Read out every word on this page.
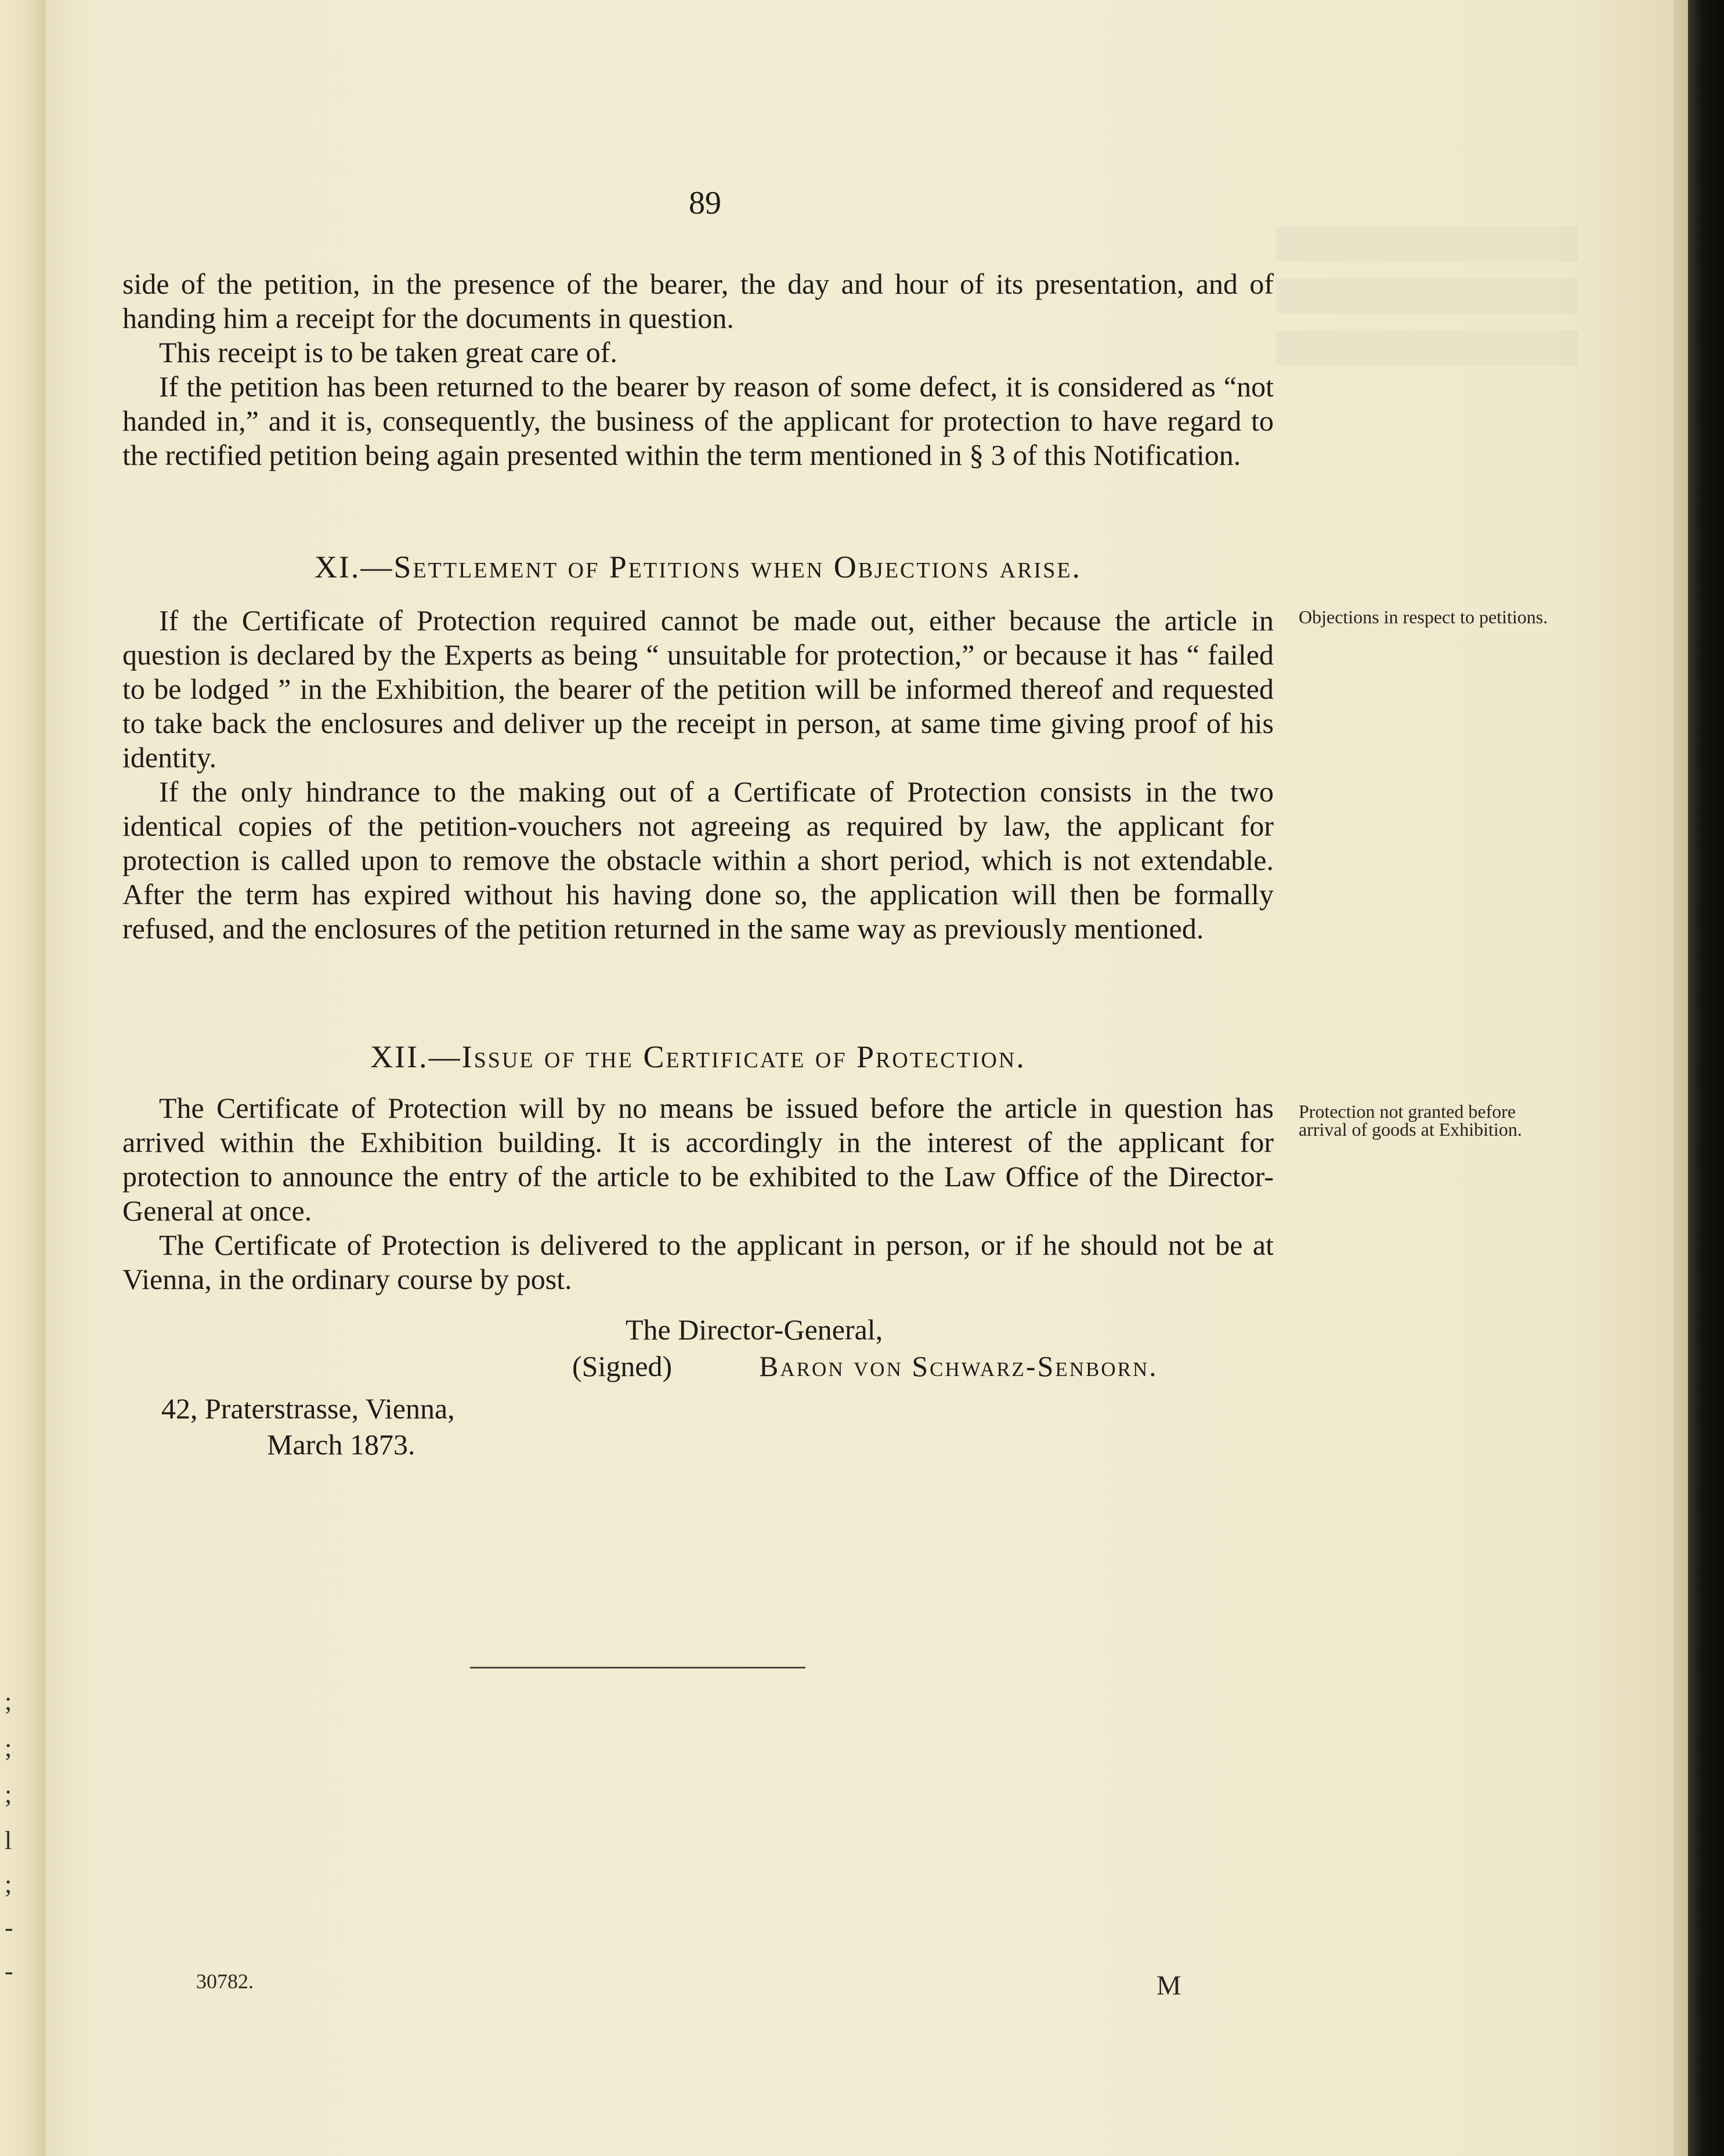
;
;
;
l
;
-
-
89

side of the petition, in the presence of the bearer, the day and hour of its presentation, and of handing him a receipt for the documents in question.

This receipt is to be taken great care of.

If the petition has been returned to the bearer by reason of some defect, it is considered as “not handed in,” and it is, consequently, the business of the applicant for protection to have regard to the rectified petition being again presented within the term mentioned in § 3 of this Notification.

XI.—Settlement of Petitions when Objections arise.
Objections in respect to petitions.

If the Certificate of Protection required cannot be made out, either because the article in question is declared by the Experts as being “ unsuitable for protection,” or because it has “ failed to be lodged ” in the Exhibition, the bearer of the petition will be informed thereof and requested to take back the enclosures and deliver up the receipt in person, at same time giving proof of his identity.

If the only hindrance to the making out of a Certificate of Protection consists in the two identical copies of the petition-vouchers not agreeing as required by law, the applicant for protection is called upon to remove the obstacle within a short period, which is not extendable. After the term has expired without his having done so, the application will then be formally refused, and the enclosures of the petition returned in the same way as previously mentioned.

XII.—Issue of the Certificate of Protection.
Protection not granted before arrival of goods at Exhibition.

The Certificate of Protection will by no means be issued before the article in question has arrived within the Exhibition building. It is accordingly in the interest of the applicant for protection to announce the entry of the article to be exhibited to the Law Office of the Director-General at once.

The Certificate of Protection is delivered to the applicant in person, or if he should not be at Vienna, in the ordinary course by post.

The Director-General,
(Signed)	Baron von Schwarz-Senborn.
42, Praterstrasse, Vienna,
March 1873.
30782.	M
